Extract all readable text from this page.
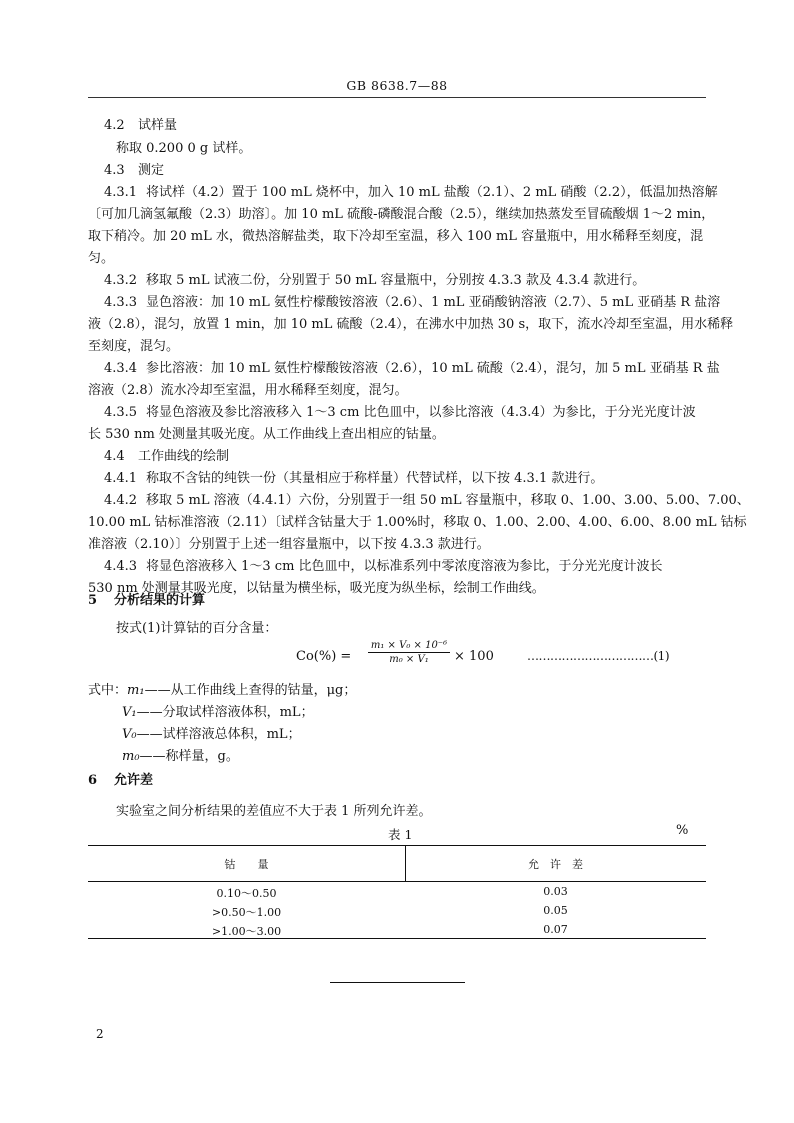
GB 8638.7—88
4.2 试样量
称取 0.200 0 g 试样。
4.3 测定
4.3.1 将试样（4.2）置于 100 mL 烧杯中，加入 10 mL 盐酸（2.1）、2 mL 硝酸（2.2），低温加热溶解
〔可加几滴氢氟酸（2.3）助溶〕。加 10 mL 硫酸-磷酸混合酸（2.5），继续加热蒸发至冒硫酸烟 1～2 min，
取下稍冷。加 20 mL 水，微热溶解盐类，取下冷却至室温，移入 100 mL 容量瓶中，用水稀释至刻度，混
匀。
4.3.2 移取 5 mL 试液二份，分别置于 50 mL 容量瓶中，分别按 4.3.3 款及 4.3.4 款进行。
4.3.3 显色溶液：加 10 mL 氨性柠檬酸铵溶液（2.6）、1 mL 亚硝酸钠溶液（2.7）、5 mL 亚硝基 R 盐溶
液（2.8），混匀，放置 1 min，加 10 mL 硫酸（2.4），在沸水中加热 30 s，取下，流水冷却至室温，用水稀释
至刻度，混匀。
4.3.4 参比溶液：加 10 mL 氨性柠檬酸铵溶液（2.6），10 mL 硫酸（2.4），混匀，加 5 mL 亚硝基 R 盐
溶液（2.8）流水冷却至室温，用水稀释至刻度，混匀。
4.3.5 将显色溶液及参比溶液移入 1～3 cm 比色皿中，以参比溶液（4.3.4）为参比，于分光光度计波
长 530 nm 处测量其吸光度。从工作曲线上查出相应的钴量。
4.4 工作曲线的绘制
4.4.1 称取不含钴的纯铁一份（其量相应于称样量）代替试样，以下按 4.3.1 款进行。
4.4.2 移取 5 mL 溶液（4.4.1）六份，分别置于一组 50 mL 容量瓶中，移取 0、1.00、3.00、5.00、7.00、
10.00 mL 钴标准溶液（2.11）〔试样含钴量大于 1.00%时，移取 0、1.00、2.00、4.00、6.00、8.00 mL 钴标
准溶液（2.10）〕分别置于上述一组容量瓶中，以下按 4.3.3 款进行。
4.4.3 将显色溶液移入 1～3 cm 比色皿中，以标准系列中零浓度溶液为参比，于分光光度计波长
530 nm 处测量其吸光度，以钴量为横坐标，吸光度为纵坐标，绘制工作曲线。
5 分析结果的计算
按式(1)计算钴的百分含量：
$Co(\%) = \frac{\text{m₁ × V₀ × 10⁻⁶}}{\text{m₀ × V₁}} \times 100$	……………………………(1)
式中：m₁——从工作曲线上查得的钴量，μg；
V₁——分取试样溶液体积，mL；
V₀——试样溶液总体积，mL；
m₀——称样量，g。
6 允许差
实验室之间分析结果的差值应不大于表 1 所列允许差。
表 1	%
钴　　量	允　许　差
0.10～0.50	0.03
>0.50～1.00	0.05
>1.00～3.00	0.07
2
